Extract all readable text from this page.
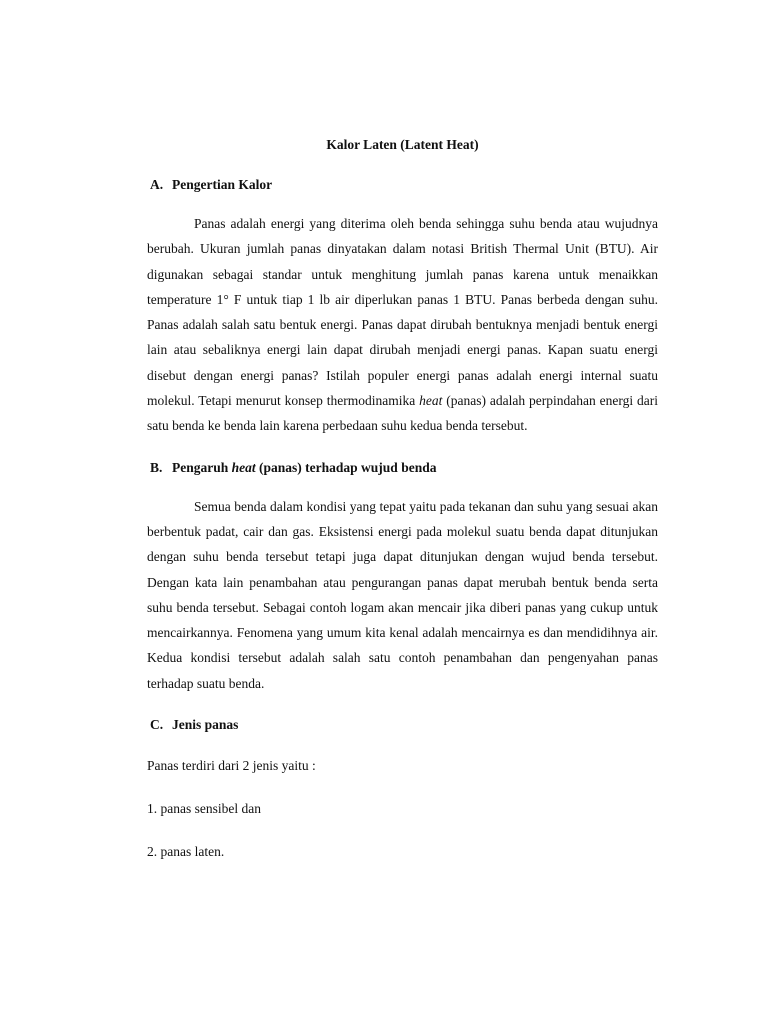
Kalor Laten (Latent Heat)

A. Pengertian Kalor

Panas adalah energi yang diterima oleh benda sehingga suhu benda atau wujudnya berubah. Ukuran jumlah panas dinyatakan dalam notasi British Thermal Unit (BTU). Air digunakan sebagai standar untuk menghitung jumlah panas karena untuk menaikkan temperature 1° F untuk tiap 1 lb air diperlukan panas 1 BTU. Panas berbeda dengan suhu. Panas adalah salah satu bentuk energi. Panas dapat dirubah bentuknya menjadi bentuk energi lain atau sebaliknya energi lain dapat dirubah menjadi energi panas. Kapan suatu energi disebut dengan energi panas? Istilah populer energi panas adalah energi internal suatu molekul. Tetapi menurut konsep thermodinamika heat (panas) adalah perpindahan energi dari satu benda ke benda lain karena perbedaan suhu kedua benda tersebut.

B. Pengaruh heat (panas) terhadap wujud benda

Semua benda dalam kondisi yang tepat yaitu pada tekanan dan suhu yang sesuai akan berbentuk padat, cair dan gas. Eksistensi energi pada molekul suatu benda dapat ditunjukan dengan suhu benda tersebut tetapi juga dapat ditunjukan dengan wujud benda tersebut. Dengan kata lain penambahan atau pengurangan panas dapat merubah bentuk benda serta suhu benda tersebut. Sebagai contoh logam akan mencair jika diberi panas yang cukup untuk mencairkannya. Fenomena yang umum kita kenal adalah mencairnya es dan mendidihnya air. Kedua kondisi tersebut adalah salah satu contoh penambahan dan pengenyahan panas terhadap suatu benda.

C. Jenis panas

Panas terdiri dari 2 jenis yaitu :

1. panas sensibel dan

2. panas laten.
